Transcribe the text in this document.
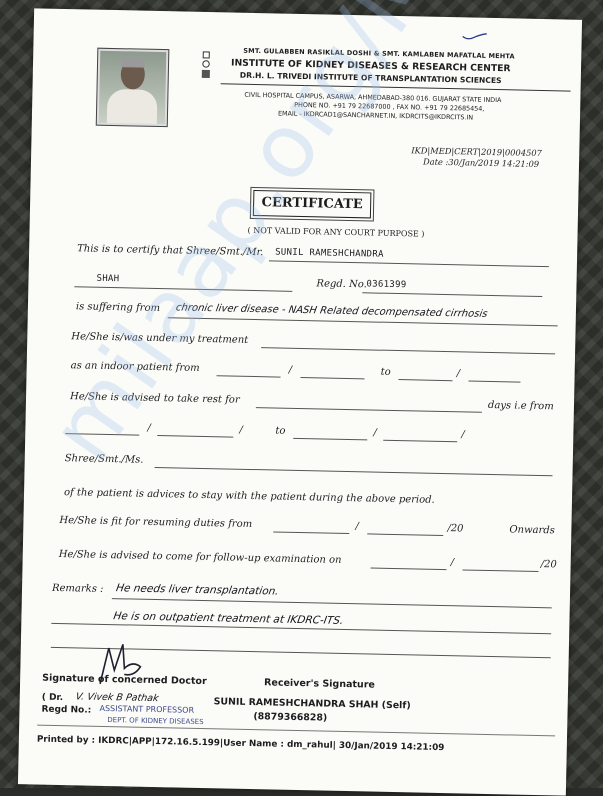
SMT. GULABBEN RASIKLAL DOSHI & SMT. KAMLABEN MAFATLAL MEHTA
INSTITUTE OF KIDNEY DISEASES & RESEARCH CENTER
DR.H. L. TRIVEDI INSTITUTE OF TRANSPLANTATION SCIENCES
CIVIL HOSPITAL CAMPUS, ASARWA, AHMEDABAD-380 016. GUJARAT STATE INDIA
PHONE NO. +91 79 22687000 , FAX NO. +91 79 22685454,
EMAIL - IKDRCAD1@SANCHARNET.IN, IKDRCITS@IKDRCITS.IN
IKD|MED|CERT|2019|0004507
Date :30/Jan/2019 14:21:09
CERTIFICATE
( NOT VALID FOR ANY COURT PURPOSE )
This is to certify that Shree/Smt./Mr. SUNIL RAMESHCHANDRA
SHAH	Regd. No. 0361399
is suffering from chronic liver disease - NASH Related decompensated cirrhosis
He/She is/was under my treatment
as an indoor patient from	/	to	/
He/She is advised to take rest for
days i.e from
/	/	to	/	/
Shree/Smt./Ms.
of the patient is advices to stay with the patient during the above period.
He/She is fit for resuming duties from	/	/20	Onwards
He/She is advised to come for follow-up examination on	/	/20
Remarks : He needs liver transplantation.
He is on outpatient treatment at IKDRC-ITS.
Signature of concerned Doctor	Receiver's Signature
( Dr. V. Vivek B Pathak
ASSISTANT PROFESSOR
DEPT. OF KIDNEY DISEASES
Regd No.:	SUNIL RAMESHCHANDRA SHAH (Self)
(8879366828)
Printed by : IKDRC|APP|172.16.5.199|User Name : dm_rahul| 30/Jan/2019 14:21:09
milaap.org/MI
